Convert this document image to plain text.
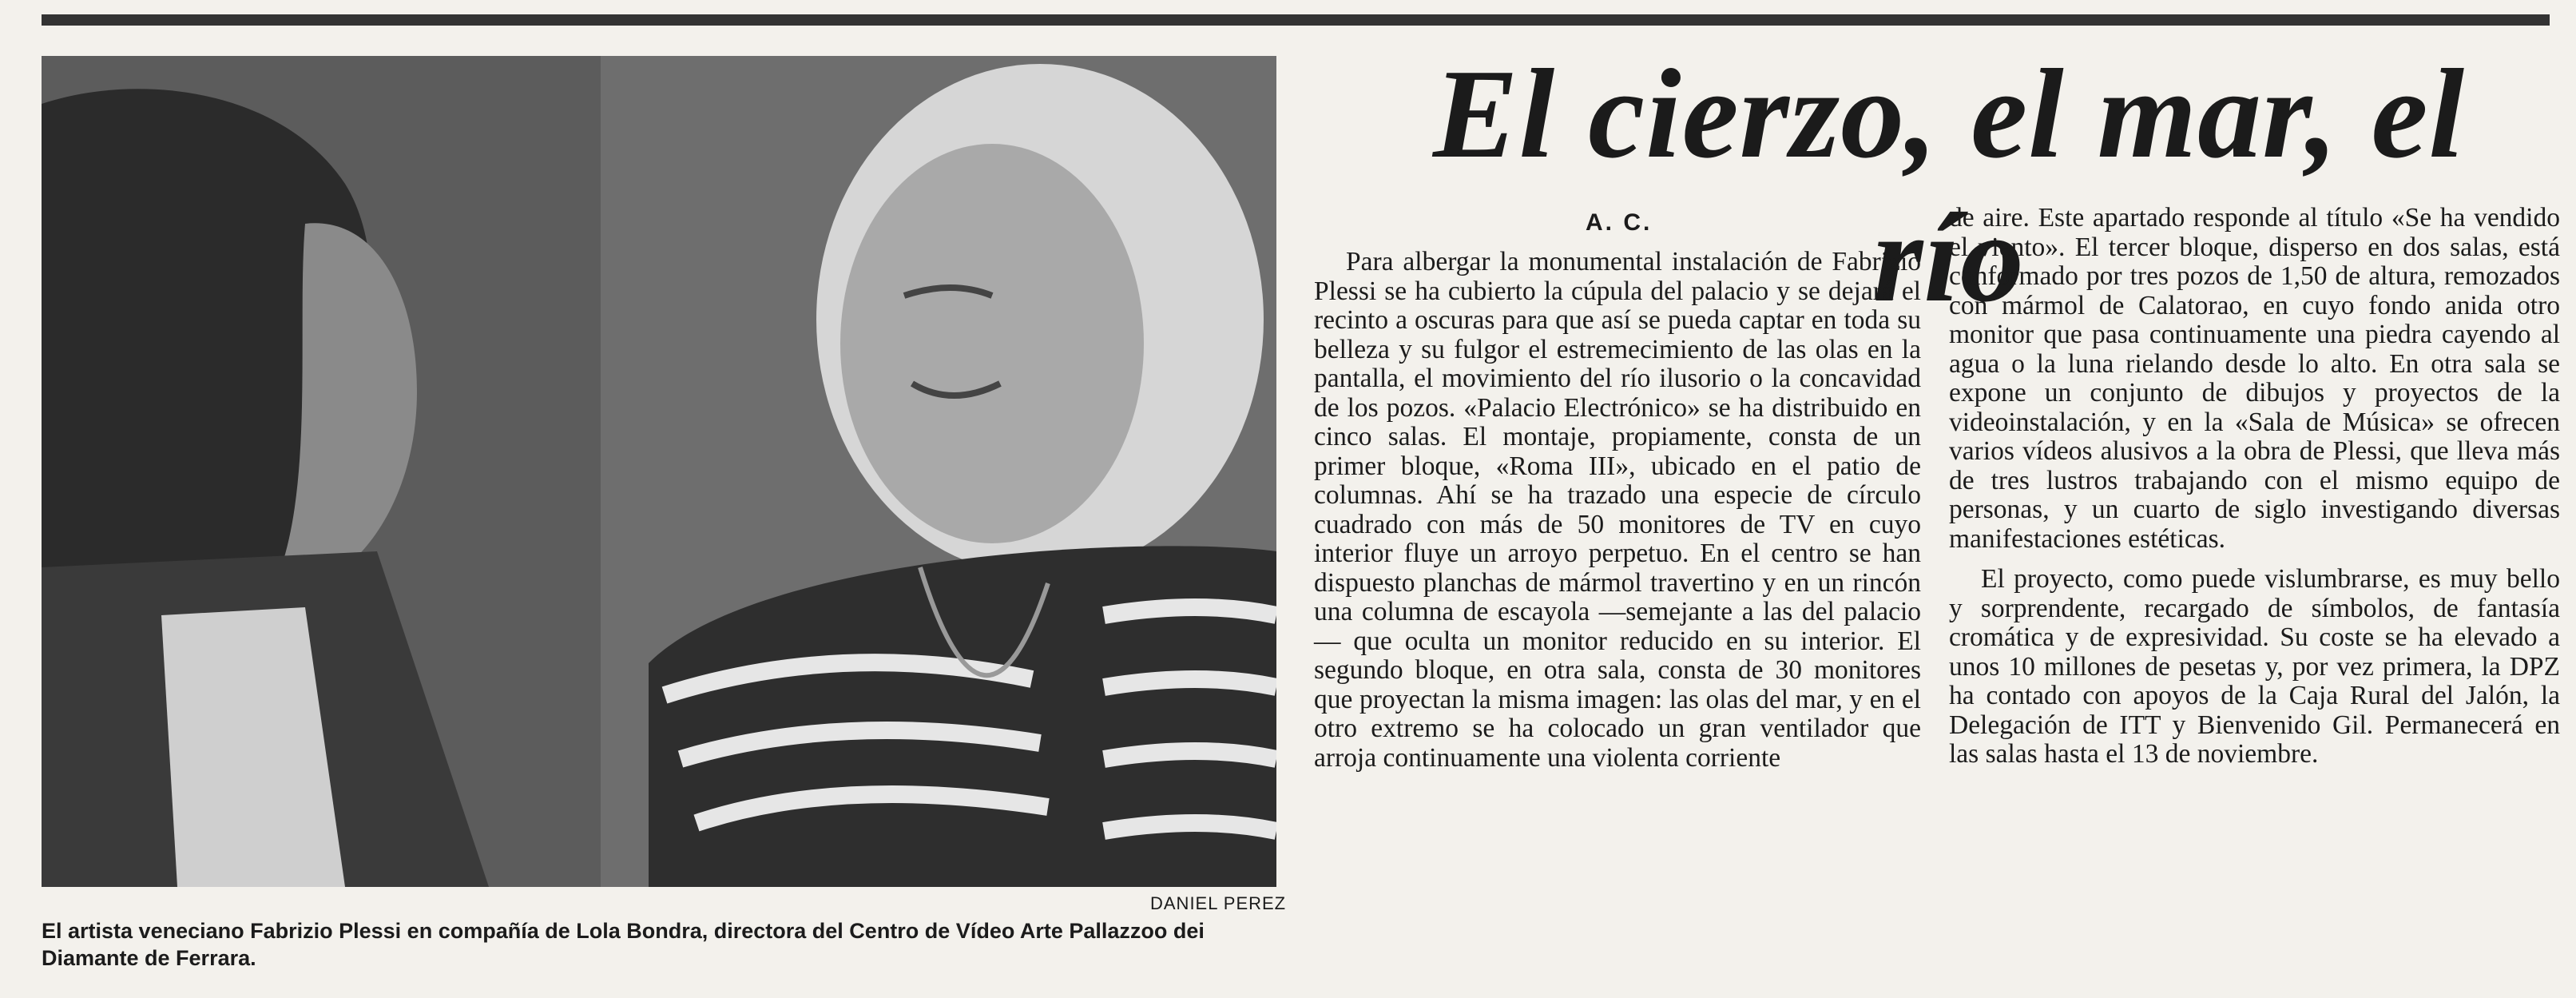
DANIEL PEREZ
El artista veneciano Fabrizio Plessi en compañía de Lola Bondra, directora del Centro de Vídeo Arte Pallazzoo dei Diamante de Ferrara.
El cierzo, el mar, el río
A. C.

Para albergar la monumental instalación de Fabrizio Plessi se ha cubierto la cúpula del palacio y se dejará el recinto a oscuras para que así se pueda captar en toda su belleza y su fulgor el estremecimiento de las olas en la pantalla, el movimiento del río ilusorio o la concavidad de los pozos. «Palacio Electrónico» se ha distribuido en cinco salas. El montaje, propiamente, consta de un primer bloque, «Roma III», ubicado en el patio de columnas. Ahí se ha trazado una especie de círculo cuadrado con más de 50 monitores de TV en cuyo interior fluye un arroyo perpetuo. En el centro se han dispuesto planchas de mármol travertino y en un rincón una columna de escayola —semejante a las del palacio— que oculta un monitor reducido en su interior. El segundo bloque, en otra sala, consta de 30 monitores que proyectan la misma imagen: las olas del mar, y en el otro extremo se ha colocado un gran ventilador que arroja continuamente una violenta corriente

de aire. Este apartado responde al título «Se ha vendido el viento». El tercer bloque, disperso en dos salas, está conformado por tres pozos de 1,50 de altura, remozados con mármol de Calatorao, en cuyo fondo anida otro monitor que pasa continuamente una piedra cayendo al agua o la luna rielando desde lo alto. En otra sala se expone un conjunto de dibujos y proyectos de la videoinstalación, y en la «Sala de Música» se ofrecen varios vídeos alusivos a la obra de Plessi, que lleva más de tres lustros trabajando con el mismo equipo de personas, y un cuarto de siglo investigando diversas manifestaciones estéticas.

El proyecto, como puede vislumbrarse, es muy bello y sorprendente, recargado de símbolos, de fantasía cromática y de expresividad. Su coste se ha elevado a unos 10 millones de pesetas y, por vez primera, la DPZ ha contado con apoyos de la Caja Rural del Jalón, la Delegación de ITT y Bienvenido Gil. Permanecerá en las salas hasta el 13 de noviembre.
